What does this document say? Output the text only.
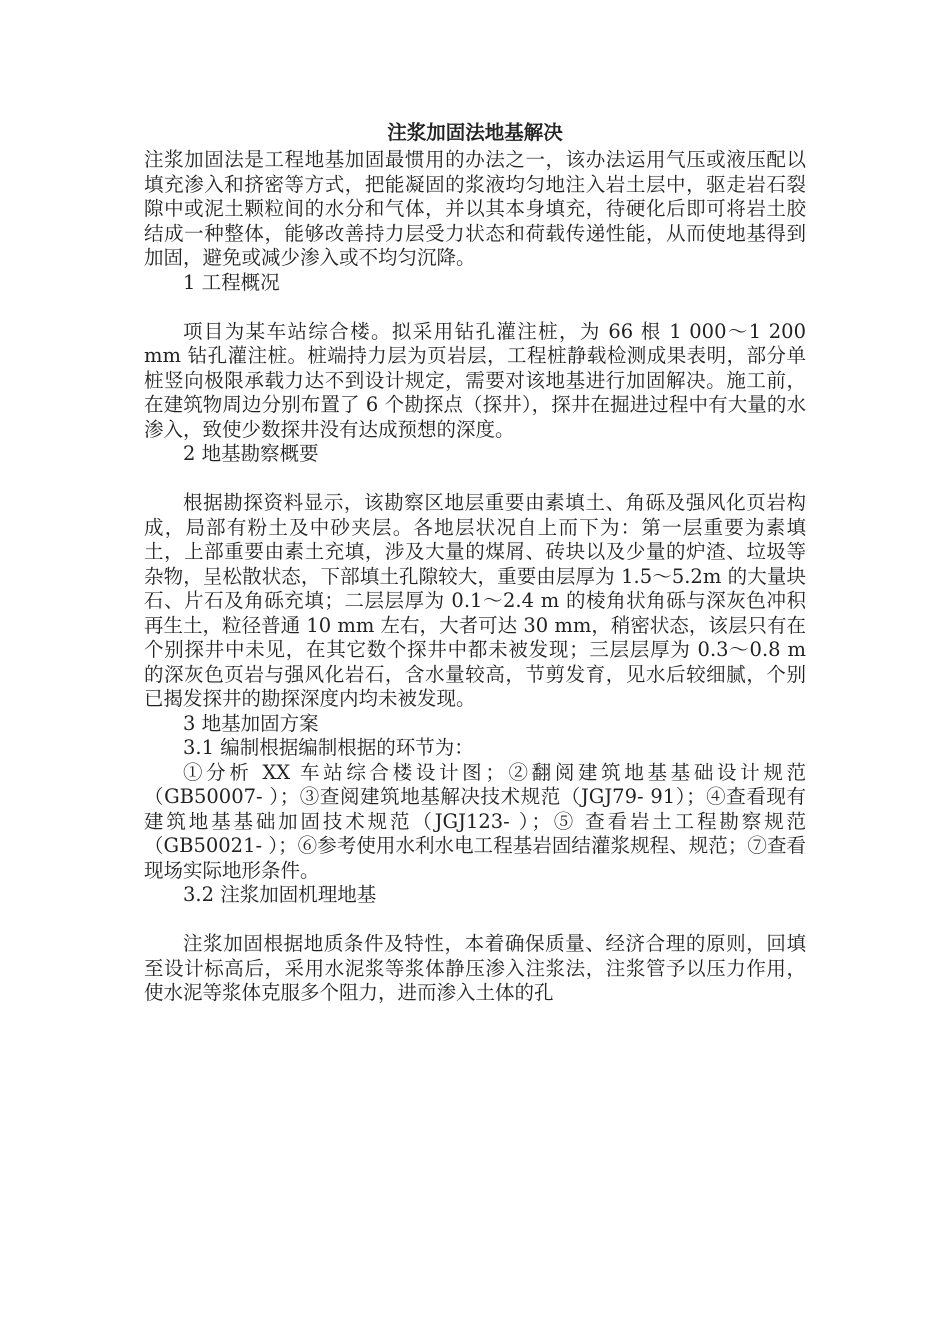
注浆加固法地基解决

注浆加固法是工程地基加固最惯用的办法之一，该办法运用气压或液压配以填充渗入和挤密等方式，把能凝固的浆液均匀地注入岩土层中，驱走岩石裂隙中或泥土颗粒间的水分和气体，并以其本身填充，待硬化后即可将岩土胶结成一种整体，能够改善持力层受力状态和荷载传递性能，从而使地基得到加固，避免或减少渗入或不均匀沉降。

1 工程概况

项目为某车站综合楼。拟采用钻孔灌注桩，为 66 根 1 000～1 200 mm 钻孔灌注桩。桩端持力层为页岩层，工程桩静载检测成果表明，部分单桩竖向极限承载力达不到设计规定，需要对该地基进行加固解决。施工前，在建筑物周边分别布置了 6 个勘探点（探井），探井在掘进过程中有大量的水渗入，致使少数探井没有达成预想的深度。

2 地基勘察概要

根据勘探资料显示，该勘察区地层重要由素填土、角砾及强风化页岩构成，局部有粉土及中砂夹层。各地层状况自上而下为：第一层重要为素填土，上部重要由素土充填，涉及大量的煤屑、砖块以及少量的炉渣、垃圾等杂物，呈松散状态，下部填土孔隙较大，重要由层厚为 1.5～5.2m 的大量块石、片石及角砾充填；二层层厚为 0.1～2.4 m 的棱角状角砾与深灰色冲积再生土，粒径普通 10 mm 左右，大者可达 30 mm，稍密状态，该层只有在个别探井中未见，在其它数个探井中都未被发现；三层层厚为 0.3～0.8 m 的深灰色页岩与强风化岩石，含水量较高，节剪发育，见水后较细腻，个别已揭发探井的勘探深度内均未被发现。

3 地基加固方案

3.1 编制根据编制根据的环节为：

①分析 XX 车站综合楼设计图；②翻阅建筑地基基础设计规范（GB50007- ）；③查阅建筑地基解决技术规范（JGJ79- 91）；④查看现有建筑地基基础加固技术规范（JGJ123- ）；⑤ 查看岩土工程勘察规范（GB50021- ）；⑥参考使用水利水电工程基岩固结灌浆规程、规范；⑦查看现场实际地形条件。

3.2 注浆加固机理地基

注浆加固根据地质条件及特性，本着确保质量、经济合理的原则，回填至设计标高后，采用水泥浆等浆体静压渗入注浆法，注浆管予以压力作用，使水泥等浆体克服多个阻力，进而渗入土体的孔
